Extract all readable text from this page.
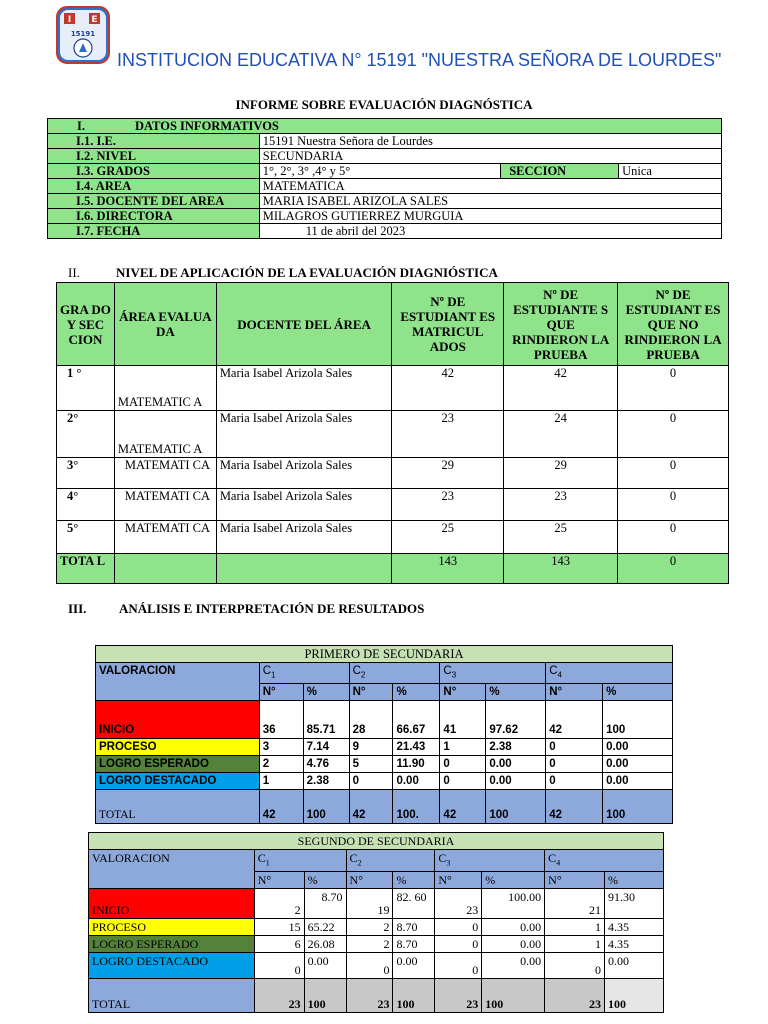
I E
15191
INSTITUCION EDUCATIVA N° 15191 "NUESTRA SEÑORA DE LOURDES"
INFORME SOBRE EVALUACIÓN DIAGNÓSTICA
I. DATOS INFORMATIVOS			
I.1. I.E.	15191 Nuestra Señora de Lourdes		
I.2. NIVEL	SECUNDARIA		
I.3. GRADOS	1°, 2°, 3° ,4° y 5°	SECCION	Unica
I.4. AREA	MATEMATICA		
I.5. DOCENTE DEL AREA	MARIA ISABEL ARIZOLA SALES		
I.6. DIRECTORA	MILAGROS GUTIERREZ MURGUIA		
I.7. FECHA	11 de abril del 2023		
II.	NIVEL DE APLICACIÓN DE LA EVALUACIÓN DIAGNIÓSTICA
GRA DO Y SEC CION	ÁREA EVALUA DA	DOCENTE DEL ÁREA	Nº DE ESTUDIANT ES MATRICUL ADOS	Nº DE ESTUDIANTE S QUE RINDIERON LA PRUEBA	Nº DE ESTUDIANT ES QUE NO RINDIERON LA PRUEBA
1 °	MATEMATIC A	Maria Isabel Arizola Sales	42	42	0
2°	MATEMATIC A	Maria Isabel Arizola Sales	23	24	0
3°	MATEMATI CA	Maria Isabel Arizola Sales	29	29	0
4°	MATEMATI CA	Maria Isabel Arizola Sales	23	23	0
5°	MATEMATI CA	Maria Isabel Arizola Sales	25	25	0
TOTA L			143	143	0
III.	ANÁLISIS E INTERPRETACIÓN DE RESULTADOS
PRIMERO DE SECUNDARIA								
VALORACION	$C_1$		$C_2$		$C_3$		$C_4$
	N°	%	N°	%	N°	%	N°	%
INICIO	36	85.71	28	66.67	41	97.62	42	100
PROCESO	3	7.14	9	21.43	1	2.38	0	0.00
LOGRO ESPERADO	2	4.76	5	11.90	0	0.00	0	0.00
LOGRO DESTACADO	1	2.38	0	0.00	0	0.00	0	0.00
TOTAL	42	100	42	100.	42	100	42	100
SEGUNDO DE SECUNDARIA								
VALORACION	$C_1$		$C_2$		$C_3$		$C_4$
	N°	%	N°	%	N°	%	N°	%
INICIO	2	8.70	19	82. 60	23	100.00	21	91.30
PROCESO	15	65.22	2	8.70	0	0.00	1	4.35
LOGRO ESPERADO	6	26.08	2	8.70	0	0.00	1	4.35
LOGRO DESTACADO	0	0.00	0	0.00	0	0.00	0	0.00
TOTAL	23	100	23	100	23	100	23	100
